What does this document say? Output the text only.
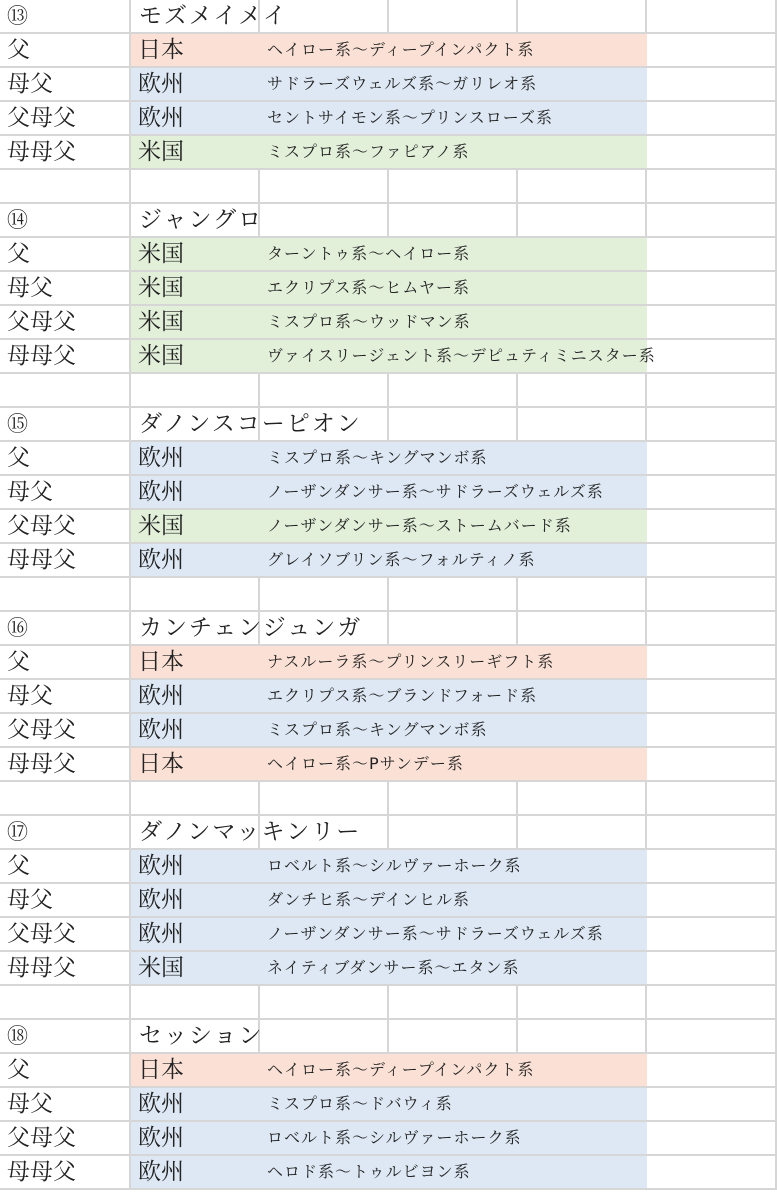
⑬	モズメイメイ
父	日本	ヘイロー系～ディープインパクト系
母父	欧州	サドラーズウェルズ系～ガリレオ系
父母父	欧州	セントサイモン系～プリンスローズ系
母母父	米国	ミスプロ系～ファピアノ系
⑭	ジャングロ
父	米国	ターントゥ系～ヘイロー系
母父	米国	エクリプス系～ヒムヤー系
父母父	米国	ミスプロ系～ウッドマン系
母母父	米国	ヴァイスリージェント系～デピュティミニスター系
⑮	ダノンスコーピオン
父	欧州	ミスプロ系～キングマンボ系
母父	欧州	ノーザンダンサー系～サドラーズウェルズ系
父母父	米国	ノーザンダンサー系～ストームバード系
母母父	欧州	グレイソブリン系～フォルティノ系
⑯	カンチェンジュンガ
父	日本	ナスルーラ系～プリンスリーギフト系
母父	欧州	エクリプス系～ブランドフォード系
父母父	欧州	ミスプロ系～キングマンボ系
母母父	日本	ヘイロー系～Pサンデー系
⑰	ダノンマッキンリー
父	欧州	ロベルト系～シルヴァーホーク系
母父	欧州	ダンチヒ系～デインヒル系
父母父	欧州	ノーザンダンサー系～サドラーズウェルズ系
母母父	米国	ネイティブダンサー系～エタン系
⑱	セッション
父	日本	ヘイロー系～ディープインパクト系
母父	欧州	ミスプロ系～ドバウィ系
父母父	欧州	ロベルト系～シルヴァーホーク系
母母父	欧州	ヘロド系～トゥルビヨン系
